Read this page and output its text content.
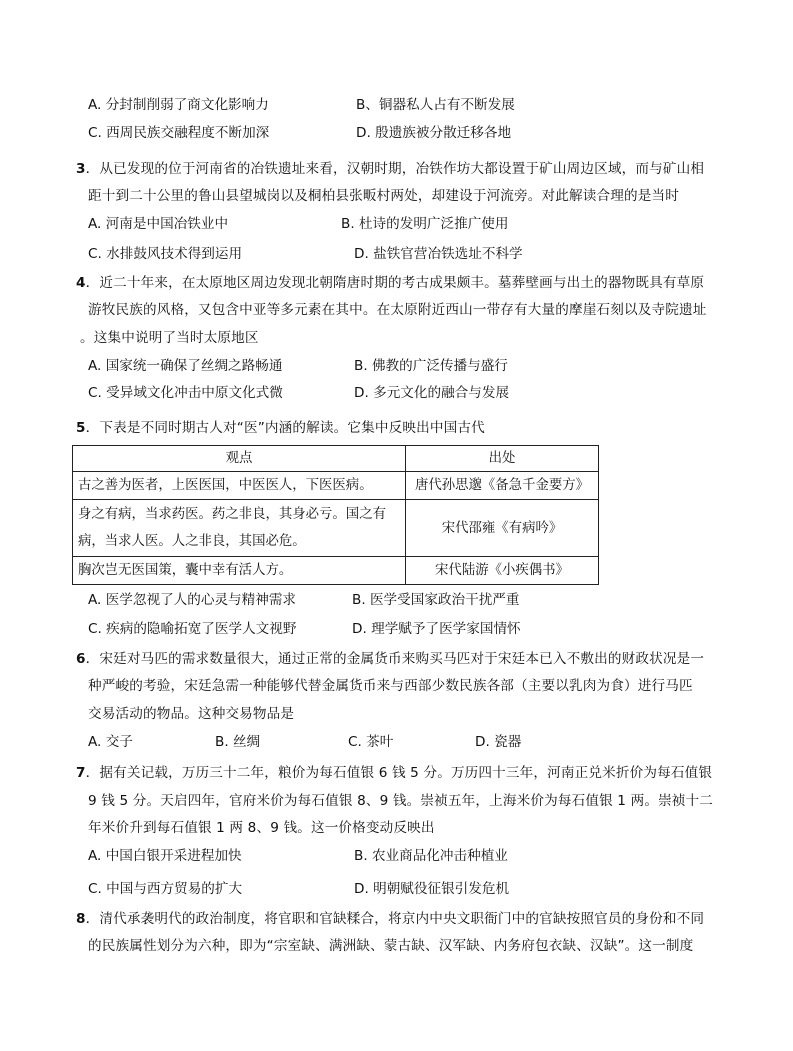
A. 分封制削弱了商文化影响力	B、铜器私人占有不断发展
C. 西周民族交融程度不断加深	D. 殷遗族被分散迁移各地
3．从已发现的位于河南省的冶铁遗址来看，汉朝时期，冶铁作坊大都设置于矿山周边区域，而与矿山相
距十到二十公里的鲁山县望城岗以及桐柏县张畈村两处，却建设于河流旁。对此解读合理的是当时
A. 河南是中国冶铁业中	B. 杜诗的发明广泛推广使用
C. 水排鼓风技术得到运用	D. 盐铁官营冶铁选址不科学
4．近二十年来，在太原地区周边发现北朝隋唐时期的考古成果颇丰。墓葬壁画与出土的器物既具有草原
游牧民族的风格，又包含中亚等多元素在其中。在太原附近西山一带存有大量的摩崖石刻以及寺院遗址
。这集中说明了当时太原地区
A. 国家统一确保了丝绸之路畅通	B. 佛教的广泛传播与盛行
C. 受异域文化冲击中原文化式微	D. 多元文化的融合与发展
5．下表是不同时期古人对“医”内涵的解读。它集中反映出中国古代
观点	出处
古之善为医者，上医医国，中医医人，下医医病。	唐代孙思邈《备急千金要方》
身之有病，当求药医。药之非良，其身必亏。国之有病，当求人医。人之非良，其国必危。	宋代邵雍《有病吟》
胸次岂无医国策，囊中幸有活人方。	宋代陆游《小疾偶书》
A. 医学忽视了人的心灵与精神需求	B. 医学受国家政治干扰严重
C. 疾病的隐喻拓宽了医学人文视野	D. 理学赋予了医学家国情怀
6．宋廷对马匹的需求数量很大，通过正常的金属货币来购买马匹对于宋廷本已入不敷出的财政状况是一
种严峻的考验，宋廷急需一种能够代替金属货币来与西部少数民族各部（主要以乳肉为食）进行马匹
交易活动的物品。这种交易物品是
A. 交子	B. 丝绸	C. 茶叶	D. 瓷器
7．据有关记载，万历三十二年，粮价为每石值银 6 钱 5 分。万历四十三年，河南正兑米折价为每石值银
9 钱 5 分。天启四年，官府米价为每石值银 8、9 钱。崇祯五年，上海米价为每石值银 1 两。崇祯十二
年米价升到每石值银 1 两 8、9 钱。这一价格变动反映出
A. 中国白银开采进程加快	B. 农业商品化冲击种植业
C. 中国与西方贸易的扩大	D. 明朝赋役征银引发危机
8．清代承袭明代的政治制度，将官职和官缺糅合，将京内中央文职衙门中的官缺按照官员的身份和不同
的民族属性划分为六种，即为“宗室缺、满洲缺、蒙古缺、汉军缺、内务府包衣缺、汉缺”。这一制度
